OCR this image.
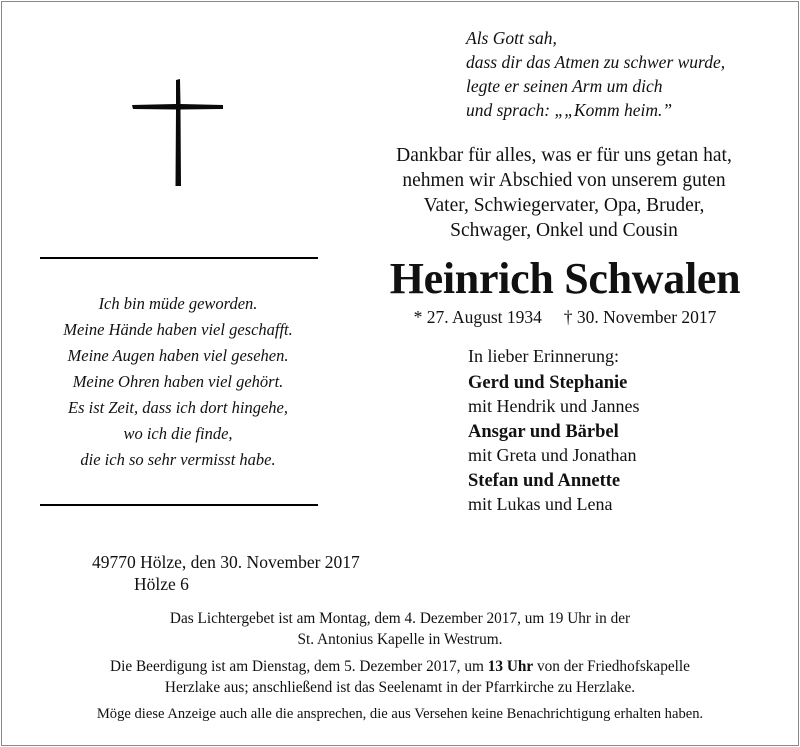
Als Gott sah,
dass dir das Atmen zu schwer wurde,
legte er seinen Arm um dich
und sprach: „„Komm heim.”
Dankbar für alles, was er für uns getan hat,
nehmen wir Abschied von unserem guten
Vater, Schwiegervater, Opa, Bruder,
Schwager, Onkel und Cousin
Heinrich Schwalen
* 27. August 1934     † 30. November 2017
Ich bin müde geworden.
Meine Hände haben viel geschafft.
Meine Augen haben viel gesehen.
Meine Ohren haben viel gehört.
Es ist Zeit, dass ich dort hingehe,
wo ich die finde,
die ich so sehr vermisst habe.
In lieber Erinnerung:
Gerd und Stephanie
mit Hendrik und Jannes
Ansgar und Bärbel
mit Greta und Jonathan
Stefan und Annette
mit Lukas und Lena
49770 Hölze, den 30. November 2017
Hölze 6

Das Lichtergebet ist am Montag, dem 4. Dezember 2017, um 19 Uhr in der
St. Antonius Kapelle in Westrum.

Die Beerdigung ist am Dienstag, dem 5. Dezember 2017, um 13 Uhr von der Friedhofskapelle
Herzlake aus; anschließend ist das Seelenamt in der Pfarrkirche zu Herzlake.

Möge diese Anzeige auch alle die ansprechen, die aus Versehen keine Benachrichtigung erhalten haben.
